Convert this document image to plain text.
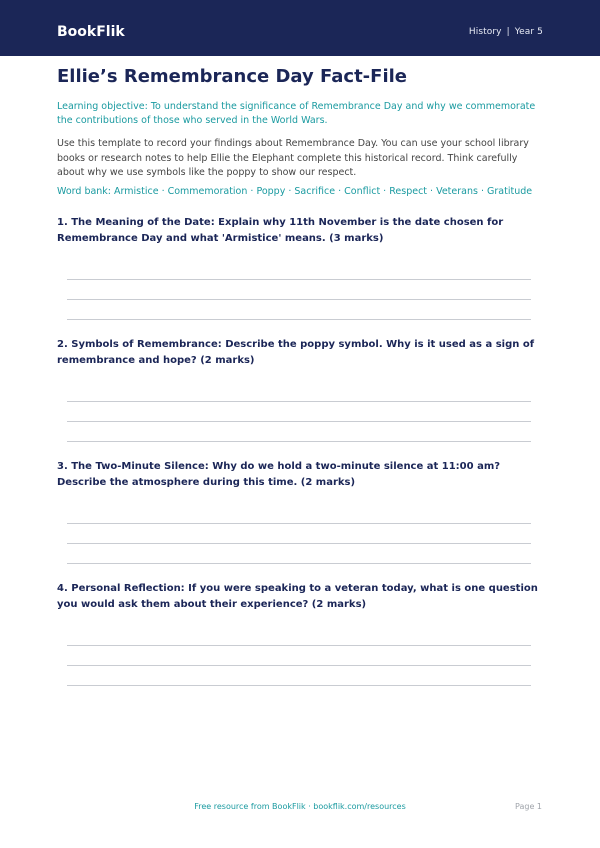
BookFlik	History | Year 5
Ellie’s Remembrance Day Fact-File

Learning objective: To understand the significance of Remembrance Day and why we commemorate the contributions of those who served in the World Wars.

Use this template to record your findings about Remembrance Day. You can use your school library books or research notes to help Ellie the Elephant complete this historical record. Think carefully about why we use symbols like the poppy to show our respect.

Word bank: Armistice · Commemoration · Poppy · Sacrifice · Conflict · Respect · Veterans · Gratitude

1. The Meaning of the Date: Explain why 11th November is the date chosen for Remembrance Day and what 'Armistice' means. (3 marks)

2. Symbols of Remembrance: Describe the poppy symbol. Why is it used as a sign of remembrance and hope? (2 marks)

3. The Two-Minute Silence: Why do we hold a two-minute silence at 11:00 am? Describe the atmosphere during this time. (2 marks)

4. Personal Reflection: If you were speaking to a veteran today, what is one question you would ask them about their experience? (2 marks)

Free resource from BookFlik · bookflik.com/resources	Page 1
